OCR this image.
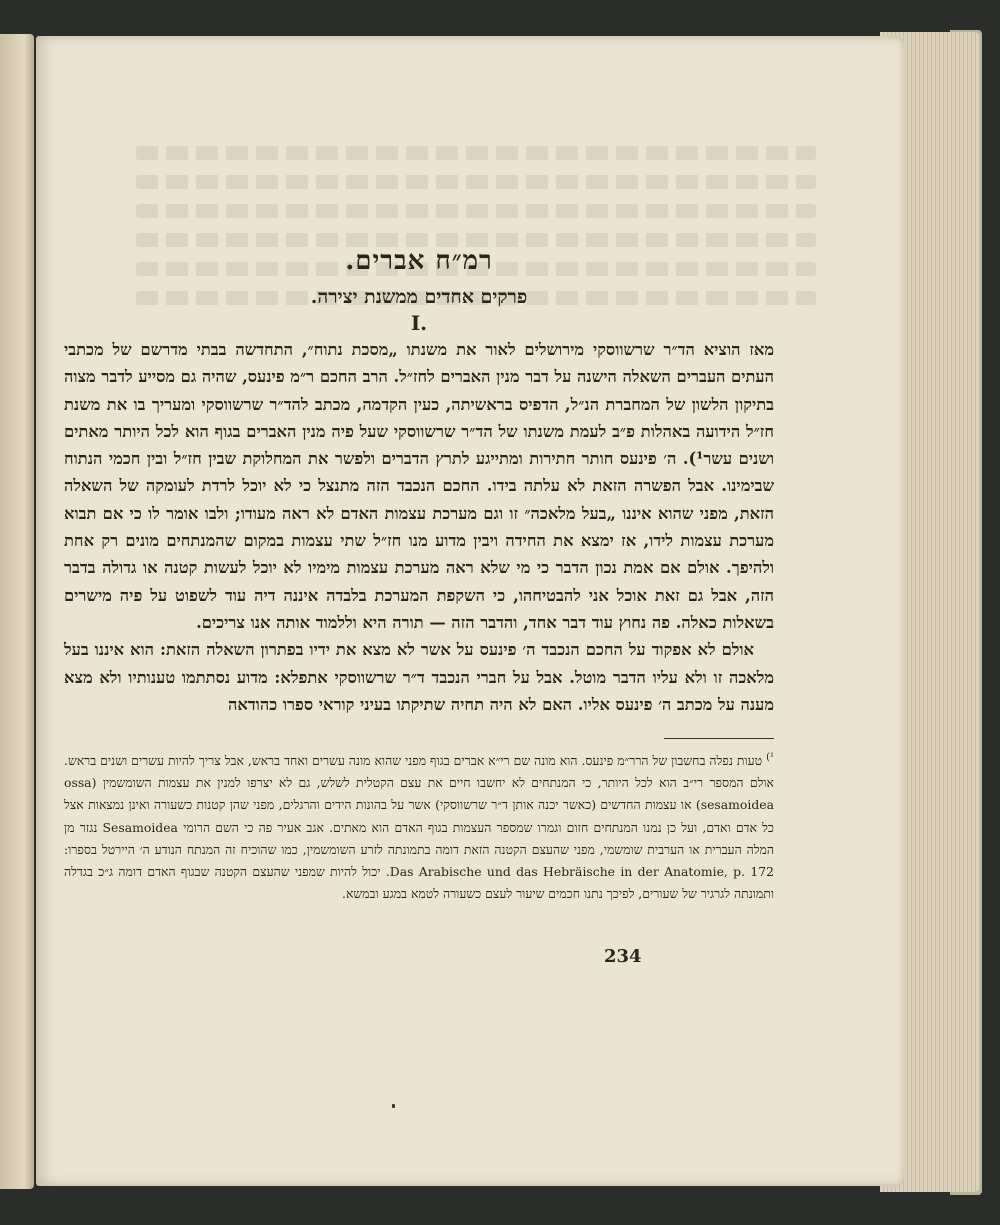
רמ״ח אברים.
פרקים אחדים ממשנת יצירה.
I.

מאז הוציא הד״ר שרשווסקי מירושלים לאור את משנתו „מסכת נתוח״, התחדשה בבתי מדרשם של מכתבי העתים העברים השאלה הישנה על דבר מנין האברים לחז״ל. הרב החכם ר״מ פינעס, שהיה גם מסייע לדבר מצוה בתיקון הלשון של המחברת הנ״ל, הדפיס בראשיתה, כעין הקדמה, מכתב להד״ר שרשווסקי ומעריך בו את משנת חז״ל הידועה באהלות פ״ב לעמת משנתו של הד״ר שרשווסקי שעל פיה מנין האברים בגוף הוא לכל היותר מאתים ושנים עשר¹). ה׳ פינעס חותר חתירות ומתייגע לתרץ הדברים ולפשר את המחלוקת שבין חז״ל ובין חכמי הנתוח שבימינו. אבל הפשרה הזאת לא עלתה בידו. החכם הנכבד הזה מתנצל כי לא יוכל לרדת לעומקה של השאלה הזאת, מפני שהוא איננו „בעל מלאכה״ זו וגם מערכת עצמות האדם לא ראה מעודו; ולבו אומר לו כי אם תבוא מערכת עצמות לידו, אז ימצא את החידה ויבין מדוע מנו חז״ל שתי עצמות במקום שהמנתחים מונים רק אחת ולהיפך. אולם אם אמת נכון הדבר כי מי שלא ראה מערכת עצמות מימיו לא יוכל לעשות קטנה או גדולה בדבר הזה, אבל גם זאת אוכל אני להבטיחהו, כי השקפת המערכת בלבדה איננה דיה עוד לשפוט על פיה מישרים בשאלות כאלה. פה נחוץ עוד דבר אחד, והדבר הזה — תורה היא וללמוד אותה אנו צריכים.

אולם לא אפקוד על החכם הנכבד ה׳ פינעס על אשר לא מצא את ידיו בפתרון השאלה הזאת: הוא איננו בעל מלאכה זו ולא עליו הדבר מוטל. אבל על חברי הנכבד ד״ר שרשווסקי אתפלא: מדוע נסתתמו טענותיו ולא מצא מענה על מכתב ה׳ פינעס אליו. האם לא היה תחיה שתיקתו בעיני קוראי ספרו כהודאה

$^{^1)}$ טעות נפלה בחשבון של הרר״מ פינעס. הוא מונה שם רי״א אברים בגוף מפני שהוא מונה עשרים ואחד בראש, אבל צריך להיות עשרים ושנים בראש. אולם המספר רי״ב הוא לכל היותר, כי המנתחים לא יחשבו חיים את עצם הקטלית לשלש, גם לא יצרפו למנין את עצמות השומשמין (ossa sesamoidea) או עצמות החדשים (כאשר יכנה אותן ד״ר שרשווסקי) אשר על בהונות הידים והרגלים, מפני שהן קטנות כשעורה ואינן נמצאות אצל כל אדם ואדם, ועל כן נמנו המנתחים חזום וגמרו שמספר העצמות בגוף האדם הוא מאתים. אגב אעיר פה כי השם הרומי Sesamoidea נגזר מן המלה העברית או הערבית שומשמי, מפני שהעצם הקטנה הזאת דומה בתמונתה לזרע השומשמין, כמו שהוכיח זה המנתח הנודע ה׳ היירטל בספרו: Das Arabische und das Hebräische in der Anatomie, p. 172. יכול להיות שמפני שהעצם הקטנה שבגוף האדם דומה ג״כ בגדלה ותמונתה לגרגיר של שעורים, לפיכך נתנו חכמים שיעור לעצם כשעורה לטמא במגע ובמשא.

234
